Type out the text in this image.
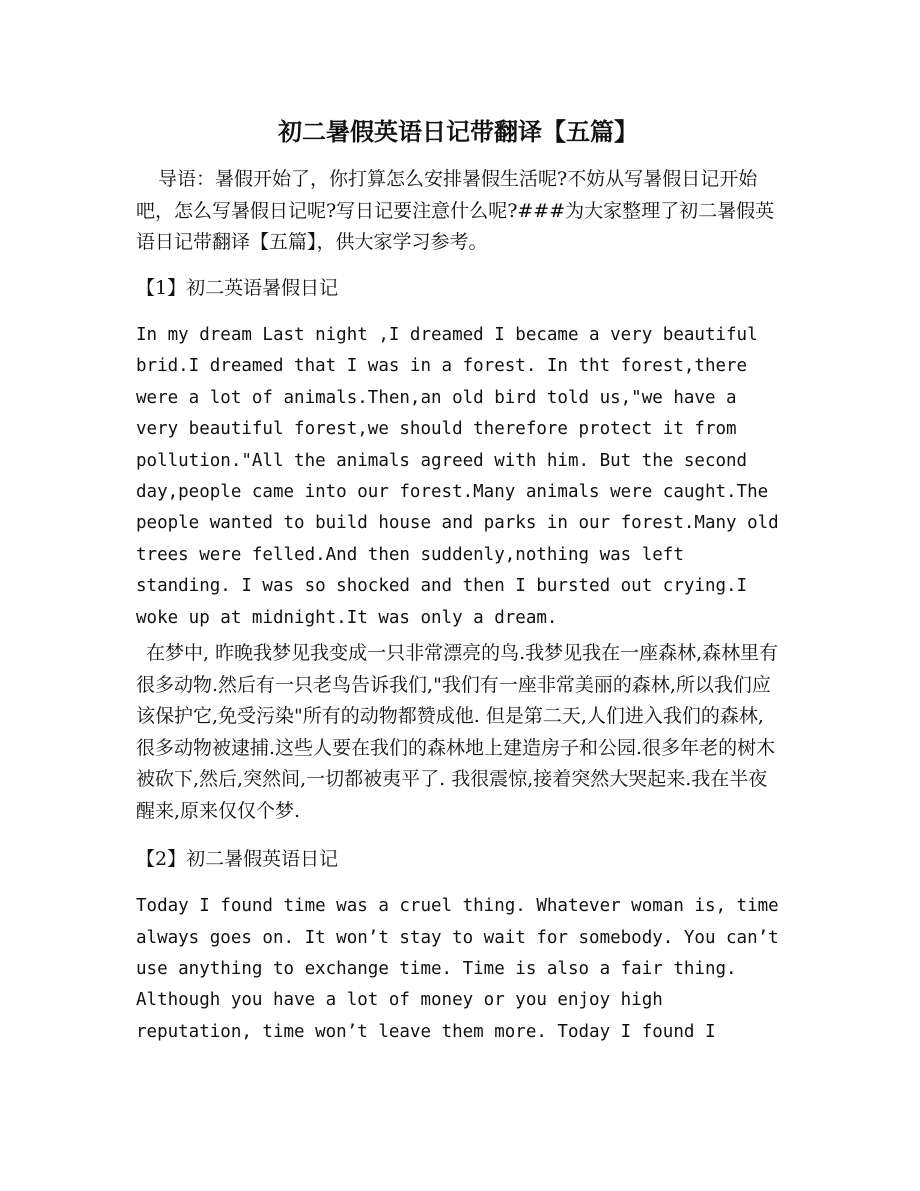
初二暑假英语日记带翻译【五篇】

导语：暑假开始了，你打算怎么安排暑假生活呢?不妨从写暑假日记开始吧，怎么写暑假日记呢?写日记要注意什么呢?###为大家整理了初二暑假英语日记带翻译【五篇】，供大家学习参考。

【1】初二英语暑假日记

In my dream Last night ,I dreamed I became a very beautiful brid.I dreamed that I was in a forest. In tht forest,there were a lot of animals.Then,an old bird told us,"we have a very beautiful forest,we should therefore protect it from pollution."All the animals agreed with him. But the second day,people came into our forest.Many animals were caught.The people wanted to build house and parks in our forest.Many old trees were felled.And then suddenly,nothing was left standing. I was so shocked and then I bursted out crying.I woke up at midnight.It was only a dream.

在梦中, 昨晚我梦见我变成一只非常漂亮的鸟.我梦见我在一座森林,森林里有很多动物.然后有一只老鸟告诉我们,"我们有一座非常美丽的森林,所以我们应该保护它,免受污染"所有的动物都赞成他. 但是第二天,人们进入我们的森林,很多动物被逮捕.这些人要在我们的森林地上建造房子和公园.很多年老的树木被砍下,然后,突然间,一切都被夷平了. 我很震惊,接着突然大哭起来.我在半夜醒来,原来仅仅个梦.

【2】初二暑假英语日记

Today I found time was a cruel thing. Whatever woman is, time always goes on. It won’t stay to wait for somebody. You can’t use anything to exchange time. Time is also a fair thing. Although you have a lot of money or you enjoy high reputation, time won’t leave them more. Today I found I
